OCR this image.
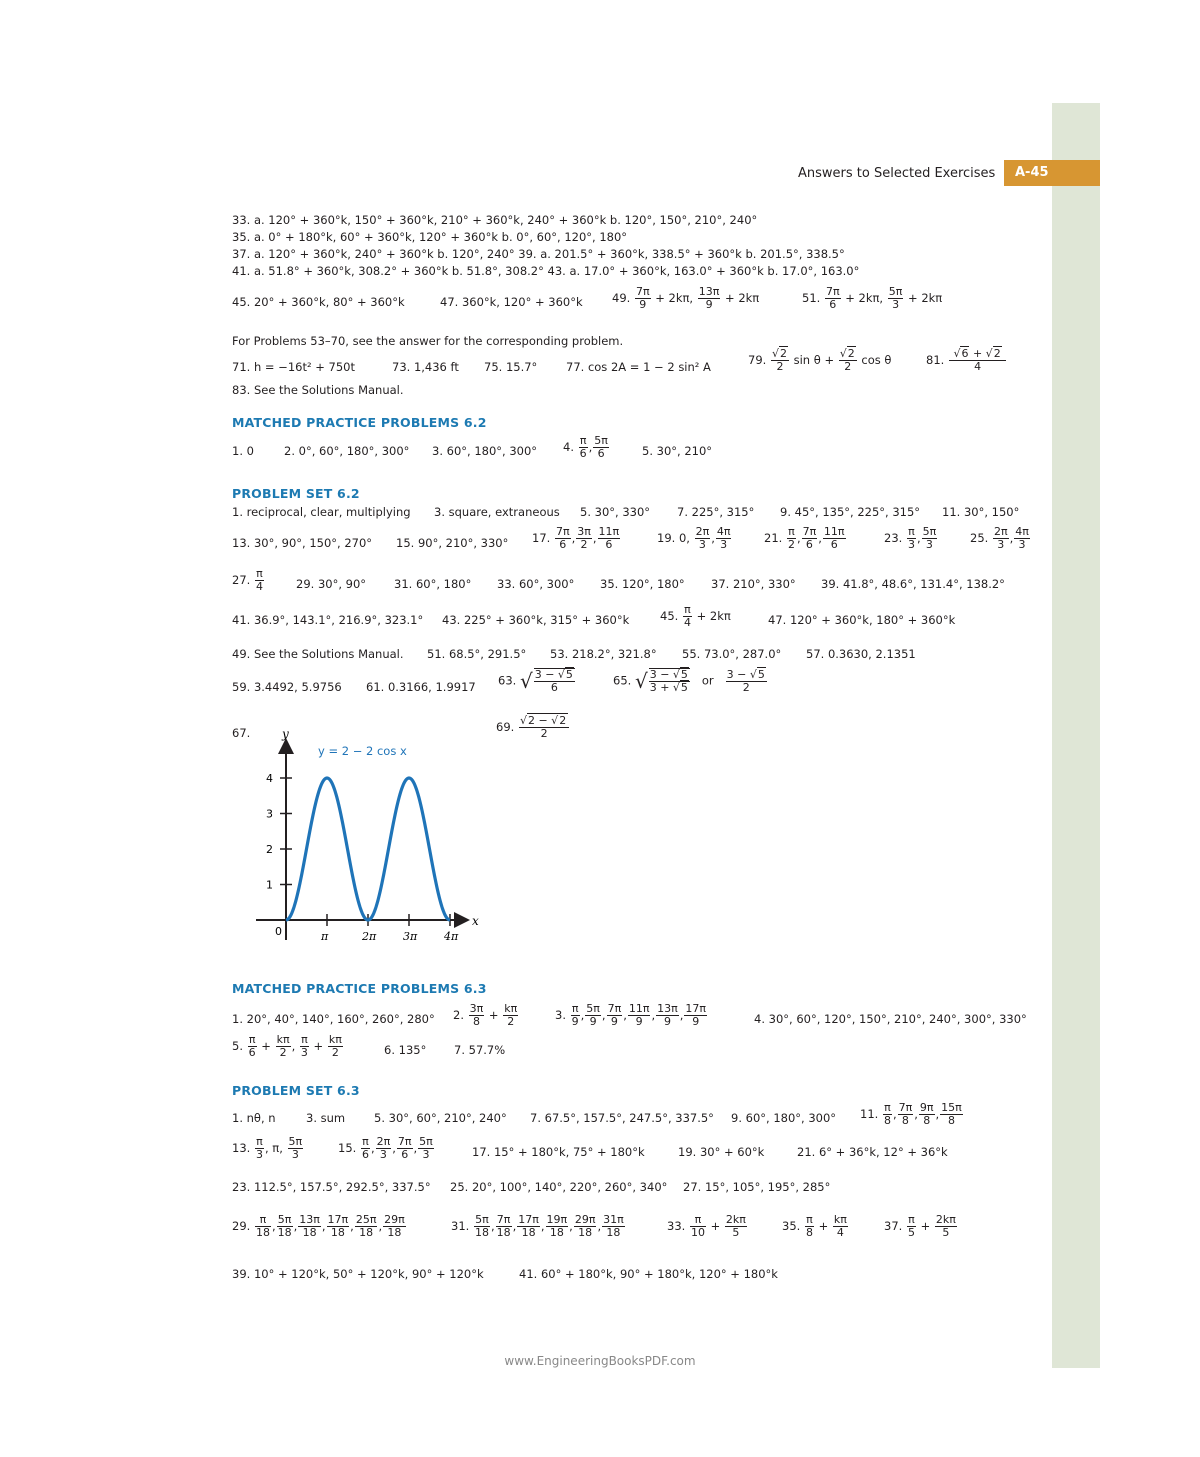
Answers to Selected Exercises	A-45
33. a. 120° + 360°k, 150° + 360°k, 210° + 360°k, 240° + 360°k b. 120°, 150°, 210°, 240°
35. a. 0° + 180°k, 60° + 360°k, 120° + 360°k b. 0°, 60°, 120°, 180°
37. a. 120° + 360°k, 240° + 360°k b. 120°, 240° 39. a. 201.5° + 360°k, 338.5° + 360°k b. 201.5°, 338.5°
41. a. 51.8° + 360°k, 308.2° + 360°k b. 51.8°, 308.2° 43. a. 17.0° + 360°k, 163.0° + 360°k b. 17.0°, 163.0°
45. 20° + 360°k, 80° + 360°k	47. 360°k, 120° + 360°k	49. $\frac{7\pi}{9} + 2k\pi$, $\frac{13\pi}{9} + 2k\pi$	51. $\frac{7\pi}{6} + 2k\pi$, $\frac{5\pi}{3} + 2k\pi$
For Problems 53–70, see the answer for the corresponding problem.
71. h = −16t² + 750t	73. 1,436 ft 75. 15.7° 77. cos 2A = 1 − 2 sin² A	79. $\frac{√2}{2}$ $\sin \theta + \frac{√2}{2}$ cos θ	81. $\frac{√6 + √2}{4}$
83. See the Solutions Manual.
MATCHED PRACTICE PROBLEMS 6.2
1. 0	2. 0°, 60°, 180°, 300° 3. 60°, 180°, 300° 4. $\frac{\pi}{6}$ , $\frac{5\pi}{6}$	5. 30°, 210°
PROBLEM SET 6.2
1. reciprocal, clear, multiplying 3. square, extraneous 5. 30°, 330° 7. 225°, 315° 9. 45°, 135°, 225°, 315° 11. 30°, 150°
13. 30°, 90°, 150°, 270° 15. 90°, 210°, 330° 17. $\frac{7\pi}{6}$ , $\frac{3\pi}{2}$ , $\frac{11\pi}{6}$	19. 0, $\frac{2\pi}{3}$ , $\frac{4\pi}{3}$	21. $\frac{\pi}{2}$ , $\frac{7\pi}{6}$ , $\frac{11\pi}{6}$	23. $\frac{\pi}{3}$ , $\frac{5\pi}{3}$	25. $\frac{2\pi}{3}$ , $\frac{4\pi}{3}$
27. $\frac{\pi}{4}$	29. 30°, 90° 31. 60°, 180° 33. 60°, 300° 35. 120°, 180° 37. 210°, 330° 39. 41.8°, 48.6°, 131.4°, 138.2°
41. 36.9°, 143.1°, 216.9°, 323.1° 43. 225° + 360°k, 315° + 360°k	45. $\frac{\pi}{4} + 2k\pi$	47. 120° + 360°k, 180° + 360°k
49. See the Solutions Manual. 51. 68.5°, 291.5° 53. 218.2°, 321.8° 55. 73.0°, 287.0° 57. 0.3630, 2.1351
59. 3.4492, 5.9756 61. 0.3166, 1.9917 63. √ $\frac{3 - √5}{6}$	65. √ $\frac{3 - √5}{3 + √5}$ or $\frac{3 - √5}{2}$
67.	69. $\frac{√2 - √2}{2}$
π	2π 3π 4π
1
2
3
4
y = 2 − 2 cos x
y
x
0
MATCHED PRACTICE PROBLEMS 6.3
1. 20°, 40°, 140°, 160°, 260°, 280° 2. $\frac{3\pi}{8} + \frac{k\pi}{2}$	3. $\frac{\pi}{9}$ , $\frac{5\pi}{9}$ , $\frac{7\pi}{9}$ , $\frac{11\pi}{9}$ , $\frac{13\pi}{9}$ , $\frac{17\pi}{9}$	4. 30°, 60°, 120°, 150°, 210°, 240°, 300°, 330°
5. $\frac{\pi}{6} + \frac{k\pi}{2}$ , $\frac{\pi}{3} + \frac{k\pi}{2}$	6. 135° 7. 57.7%
PROBLEM SET 6.3
1. nθ, n	3. sum	5. 30°, 60°, 210°, 240° 7. 67.5°, 157.5°, 247.5°, 337.5° 9. 60°, 180°, 300° 11. $\frac{\pi}{8}$ , $\frac{7\pi}{8}$ , $\frac{9\pi}{8}$ , $\frac{15\pi}{8}$
13. $\frac{\pi}{3}$ , π, $\frac{5\pi}{3}$	15. $\frac{\pi}{6}$ , $\frac{2\pi}{3}$ , $\frac{7\pi}{6}$ , $\frac{5\pi}{3}$	17. 15° + 180°k, 75° + 180°k	19. 30° + 60°k	21. 6° + 36°k, 12° + 36°k
23. 112.5°, 157.5°, 292.5°, 337.5° 25. 20°, 100°, 140°, 220°, 260°, 340° 27. 15°, 105°, 195°, 285°
29. $\frac{\pi}{18}$ , $\frac{5\pi}{18}$ , $\frac{13\pi}{18}$ , $\frac{17\pi}{18}$ , $\frac{25\pi}{18}$ , $\frac{29\pi}{18}$	31. $\frac{5\pi}{18}$ , $\frac{7\pi}{18}$ , $\frac{17\pi}{18}$ , $\frac{19\pi}{18}$ , $\frac{29\pi}{18}$ , $\frac{31\pi}{18}$	33. $\frac{\pi}{10} + \frac{2k\pi}{5}$	35. $\frac{\pi}{8} + \frac{k\pi}{4}$	37. $\frac{\pi}{5} + \frac{2k\pi}{5}$
39. 10° + 120°k, 50° + 120°k, 90° + 120°k	41. 60° + 180°k, 90° + 180°k, 120° + 180°k
www.EngineeringBooksPDF.com
